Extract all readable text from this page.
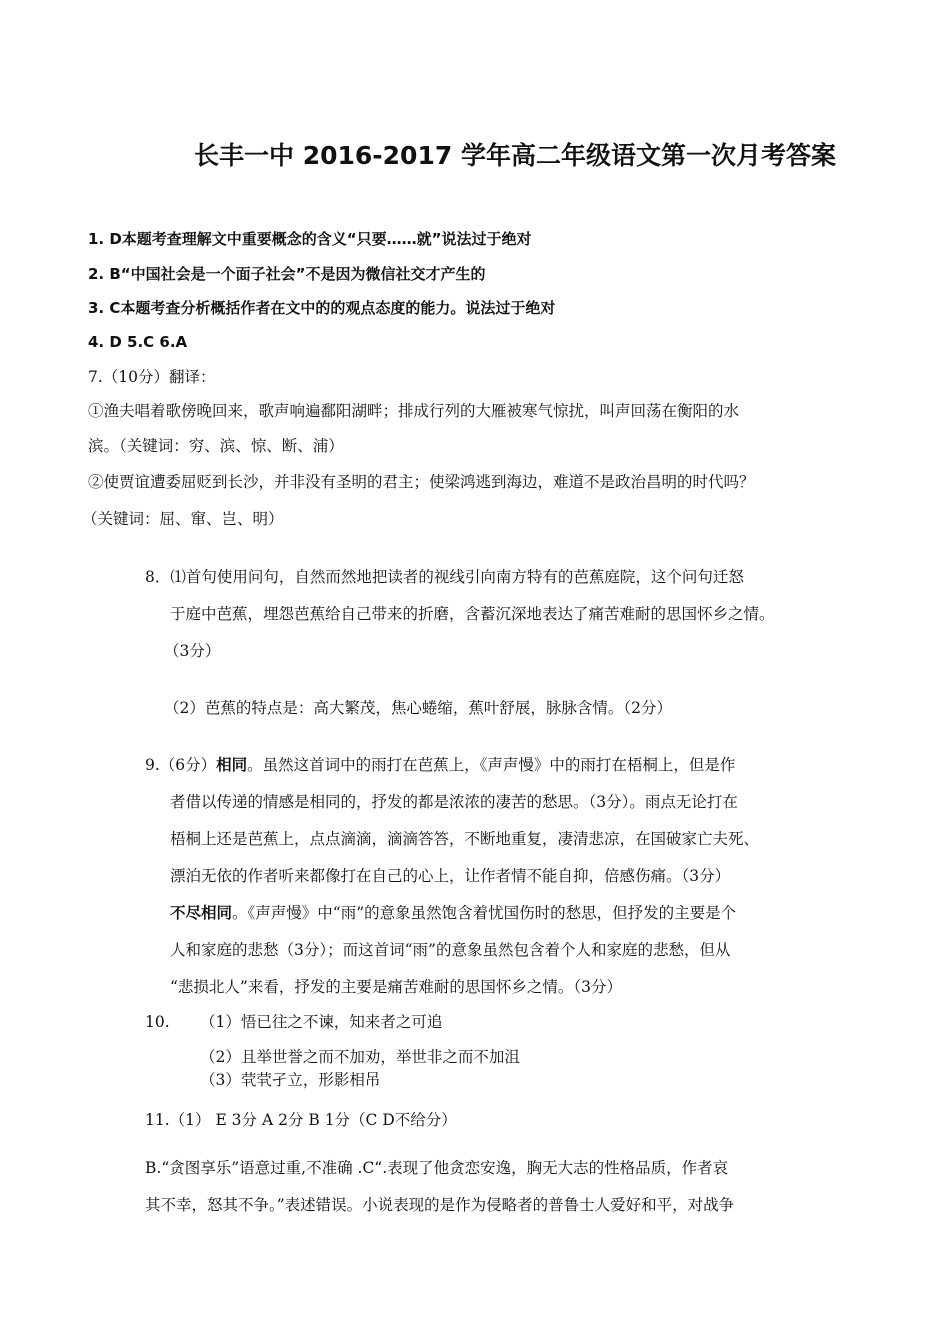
长丰一中 2016-2017 学年高二年级语文第一次月考答案
1. D本题考查理解文中重要概念的含义“只要……就”说法过于绝对
2. B“中国社会是一个面子社会”不是因为微信社交才产生的
3. C本题考查分析概括作者在文中的的观点态度的能力。说法过于绝对
4. D 5.C 6.A
7.（10分）翻译：
①渔夫唱着歌傍晚回来，歌声响遍鄱阳湖畔；排成行列的大雁被寒气惊扰，叫声回荡在衡阳的水
滨。（关键词：穷、滨、惊、断、浦）
②使贾谊遭委屈贬到长沙，并非没有圣明的君主；使梁鸿逃到海边，难道不是政治昌明的时代吗？
（关键词：屈、窜、岂、明）
8．⑴首句使用问句，自然而然地把读者的视线引向南方特有的芭蕉庭院，这个问句迁怒
于庭中芭蕉，埋怨芭蕉给自己带来的折磨，含蓄沉深地表达了痛苦难耐的思国怀乡之情。
（3分）
（2）芭蕉的特点是：高大繁茂，焦心蜷缩，蕉叶舒展，脉脉含情。（2分）
9.（6分）相同。虽然这首词中的雨打在芭蕉上，《声声慢》中的雨打在梧桐上，但是作
者借以传递的情感是相同的，抒发的都是浓浓的凄苦的愁思。（3分）。雨点无论打在
梧桐上还是芭蕉上，点点滴滴，滴滴答答，不断地重复，凄清悲凉，在国破家亡夫死、
漂泊无依的作者听来都像打在自己的心上，让作者情不能自抑，倍感伤痛。（3分）
不尽相同。《声声慢》中“雨”的意象虽然饱含着忧国伤时的愁思，但抒发的主要是个
人和家庭的悲愁（3分）；而这首词“雨”的意象虽然包含着个人和家庭的悲愁，但从
“悲损北人”来看，抒发的主要是痛苦难耐的思国怀乡之情。（3分）
10. （1）悟已往之不谏，知来者之可追
（2）且举世誉之而不加劝，举世非之而不加沮
（3）茕茕孑立，形影相吊
11.（1） E 3分 A 2分 B 1分（C D不给分）
B.“贪图享乐”语意过重,不准确 .C“.表现了他贪恋安逸，胸无大志的性格品质，作者哀
其不幸，怒其不争。”表述错误。小说表现的是作为侵略者的普鲁士人爱好和平，对战争
